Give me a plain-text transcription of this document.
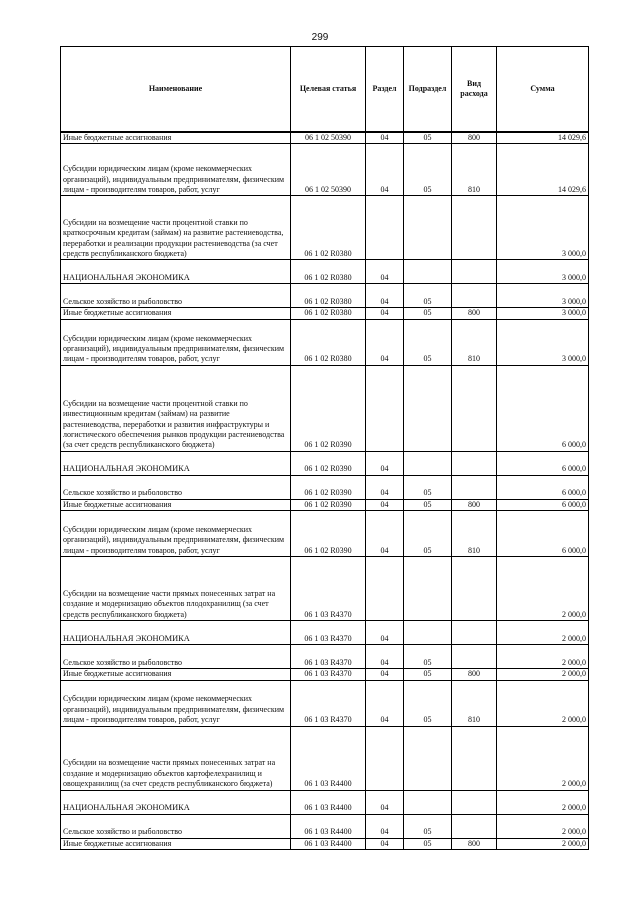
299
Наименование	Целевая статья	Раздел	Подраздел	Вид расхода	Сумма
Иные бюджетные ассигнования	06 1 02 50390	04	05	800	14 029,6
Субсидии юридическим лицам (кроме некоммерческих организаций), индивидуальным предпринимателям, физическим лицам - производителям товаров, работ, услуг	06 1 02 50390	04	05	810	14 029,6
Субсидии на возмещение части процентной ставки по краткосрочным кредитам (займам) на развитие растениеводства, переработки и реализации продукции растениеводства (за счет средств республиканского бюджета)	06 1 02 R0380				3 000,0
НАЦИОНАЛЬНАЯ ЭКОНОМИКА	06 1 02 R0380	04			3 000,0
Сельское хозяйство и рыболовство	06 1 02 R0380	04	05		3 000,0
Иные бюджетные ассигнования	06 1 02 R0380	04	05	800	3 000,0
Субсидии юридическим лицам (кроме некоммерческих организаций), индивидуальным предпринимателям, физическим лицам - производителям товаров, работ, услуг	06 1 02 R0380	04	05	810	3 000,0
Субсидии на возмещение части процентной ставки по инвестиционным кредитам (займам) на развитие растениеводства, переработки и развития инфраструктуры и логистического обеспечения рынков продукции растениеводства (за счет средств республиканского бюджета)	06 1 02 R0390				6 000,0
НАЦИОНАЛЬНАЯ ЭКОНОМИКА	06 1 02 R0390	04			6 000,0
Сельское хозяйство и рыболовство	06 1 02 R0390	04	05		6 000,0
Иные бюджетные ассигнования	06 1 02 R0390	04	05	800	6 000,0
Субсидии юридическим лицам (кроме некоммерческих организаций), индивидуальным предпринимателям, физическим лицам - производителям товаров, работ, услуг	06 1 02 R0390	04	05	810	6 000,0
Субсидии на возмещение части прямых понесенных затрат на создание и модернизацию объектов плодохранилищ (за счет средств республиканского бюджета)	06 1 03 R4370				2 000,0
НАЦИОНАЛЬНАЯ ЭКОНОМИКА	06 1 03 R4370	04			2 000,0
Сельское хозяйство и рыболовство	06 1 03 R4370	04	05		2 000,0
Иные бюджетные ассигнования	06 1 03 R4370	04	05	800	2 000,0
Субсидии юридическим лицам (кроме некоммерческих организаций), индивидуальным предпринимателям, физическим лицам - производителям товаров, работ, услуг	06 1 03 R4370	04	05	810	2 000,0
Субсидии на возмещение части прямых понесенных затрат на создание и модернизацию объектов картофелехранилищ и овощехранилищ (за счет средств республиканского бюджета)	06 1 03 R4400				2 000,0
НАЦИОНАЛЬНАЯ ЭКОНОМИКА	06 1 03 R4400	04			2 000,0
Сельское хозяйство и рыболовство	06 1 03 R4400	04	05		2 000,0
Иные бюджетные ассигнования	06 1 03 R4400	04	05	800	2 000,0
